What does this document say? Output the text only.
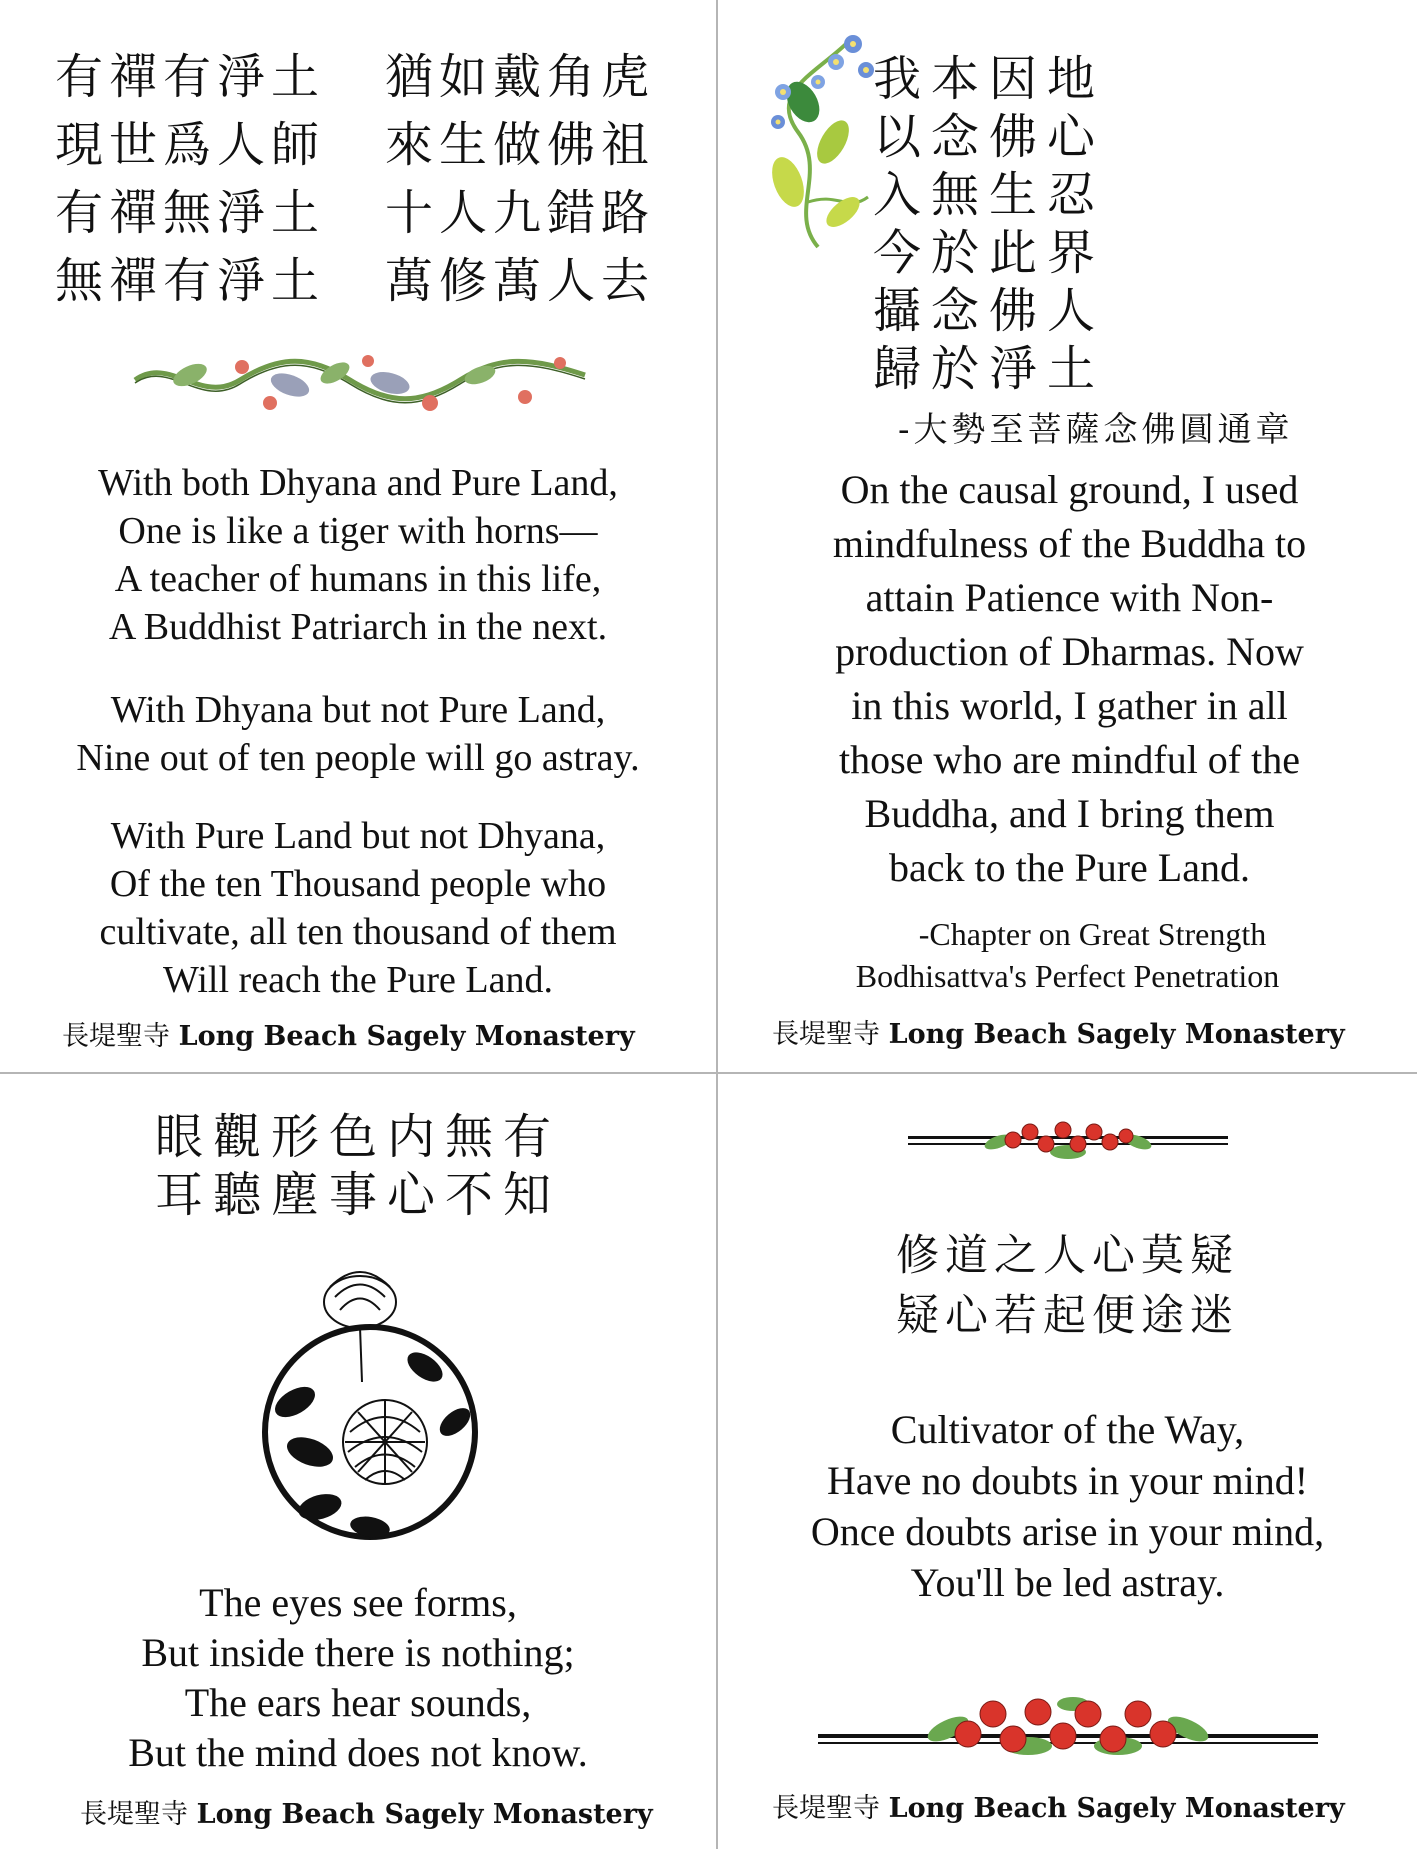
有禪有淨土	猶如戴角虎
現世爲人師	來生做佛祖
有禪無淨土	十人九錯路
無禪有淨土	萬修萬人去
With both Dhyana and Pure Land,
One is like a tiger with horns—
A teacher of humans in this life,
A Buddhist Patriarch in the next.
With Dhyana but not Pure Land,
Nine out of ten people will go astray.
With Pure Land but not Dhyana,
Of the ten Thousand people who
cultivate, all ten thousand of them
Will reach the Pure Land.
長堤聖寺 Long Beach Sagely Monastery
我本因地
以念佛心
入無生忍
今於此界
攝念佛人
歸於淨土
-大勢至菩薩念佛圓通章
On the causal ground, I used
mindfulness of the Buddha to
attain Patience with Non-
production of Dharmas. Now
in this world, I gather in all
those who are mindful of the
Buddha, and I bring them
back to the Pure Land.
-Chapter on Great Strength
Bodhisattva's Perfect Penetration
長堤聖寺 Long Beach Sagely Monastery
眼觀形色内無有
耳聽塵事心不知
The eyes see forms,
But inside there is nothing;
The ears hear sounds,
But the mind does not know.
長堤聖寺 Long Beach Sagely Monastery
修道之人心莫疑
疑心若起便途迷
Cultivator of the Way,
Have no doubts in your mind!
Once doubts arise in your mind,
You'll be led astray.
長堤聖寺 Long Beach Sagely Monastery
